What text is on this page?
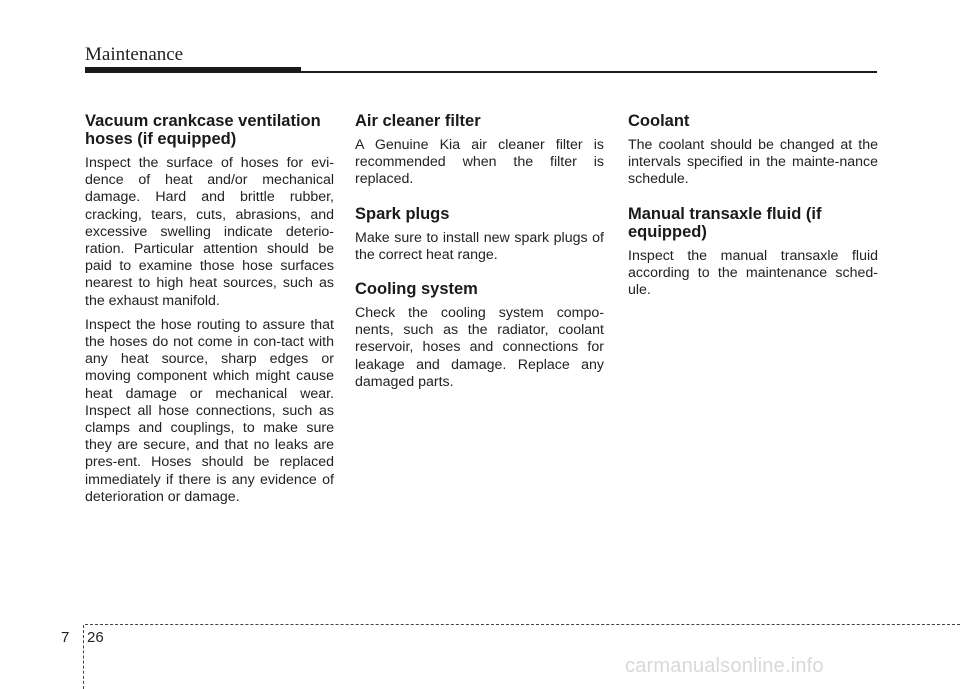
Maintenance
Vacuum crankcase ventilation hoses (if equipped)

Inspect the surface of hoses for evi-dence of heat and/or mechanical damage. Hard and brittle rubber, cracking, tears, cuts, abrasions, and excessive swelling indicate deterio-ration. Particular attention should be paid to examine those hose surfaces nearest to high heat sources, such as the exhaust manifold.

Inspect the hose routing to assure that the hoses do not come in con-tact with any heat source, sharp edges or moving component which might cause heat damage or mechanical wear. Inspect all hose connections, such as clamps and couplings, to make sure they are secure, and that no leaks are pres-ent. Hoses should be replaced immediately if there is any evidence of deterioration or damage.

Air cleaner filter

A Genuine Kia air cleaner filter is recommended when the filter is replaced.

Spark plugs

Make sure to install new spark plugs of the correct heat range.

Cooling system

Check the cooling system compo-nents, such as the radiator, coolant reservoir, hoses and connections for leakage and damage. Replace any damaged parts.

Coolant

The coolant should be changed at the intervals specified in the mainte-nance schedule.

Manual transaxle fluid (if equipped)

Inspect the manual transaxle fluid according to the maintenance sched-ule.

7 26
carmanualsonline.info
